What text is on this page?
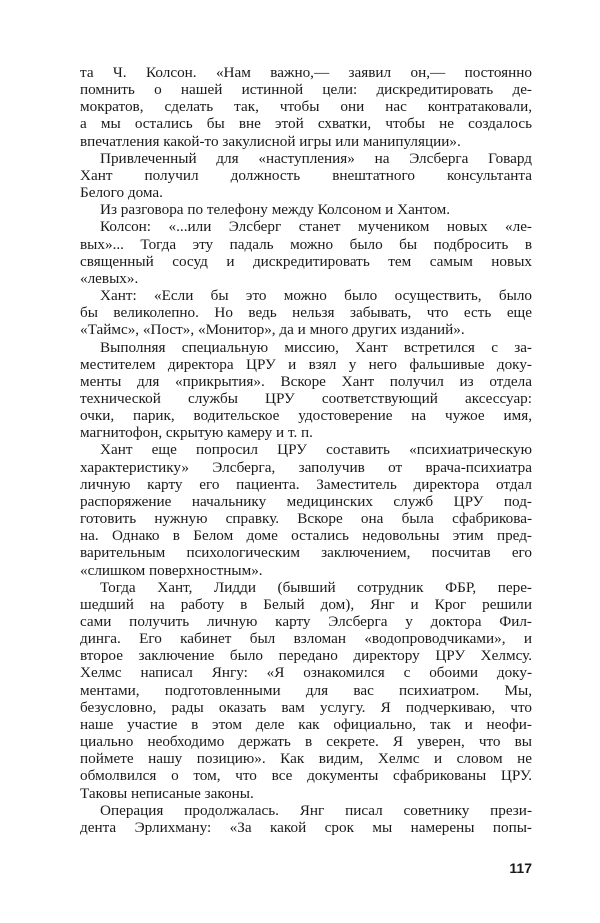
та Ч. Колсон. «Нам важно,— заявил он,— постоянно
помнить о нашей истинной цели: дискредитировать де-
мократов, сделать так, чтобы они нас контратаковали,
а мы остались бы вне этой схватки, чтобы не создалось
впечатления какой-то закулисной игры или манипуляции».
Привлеченный для «наступления» на Элсберга Говард
Хант получил должность внештатного консультанта
Белого дома.
Из разговора по телефону между Колсоном и Хантом.
Колсон: «...или Элсберг станет мучеником новых «ле-
вых»... Тогда эту падаль можно было бы подбросить в
священный сосуд и дискредитировать тем самым новых
«левых».
Хант: «Если бы это можно было осуществить, было
бы великолепно. Но ведь нельзя забывать, что есть еще
«Таймс», «Пост», «Монитор», да и много других изданий».
Выполняя специальную миссию, Хант встретился с за-
местителем директора ЦРУ и взял у него фальшивые доку-
менты для «прикрытия». Вскоре Хант получил из отдела
технической службы ЦРУ соответствующий аксессуар:
очки, парик, водительское удостоверение на чужое имя,
магнитофон, скрытую камеру и т. п.
Хант еще попросил ЦРУ составить «психиатрическую
характеристику» Элсберга, заполучив от врача-психиатра
личную карту его пациента. Заместитель директора отдал
распоряжение начальнику медицинских служб ЦРУ под-
готовить нужную справку. Вскоре она была сфабрикова-
на. Однако в Белом доме остались недовольны этим пред-
варительным психологическим заключением, посчитав его
«слишком поверхностным».
Тогда Хант, Лидди (бывший сотрудник ФБР, пере-
шедший на работу в Белый дом), Янг и Крог решили
сами получить личную карту Элсберга у доктора Фил-
динга. Его кабинет был взломан «водопроводчиками», и
второе заключение было передано директору ЦРУ Хелмсу.
Хелмс написал Янгу: «Я ознакомился с обоими доку-
ментами, подготовленными для вас психиатром. Мы,
безусловно, рады оказать вам услугу. Я подчеркиваю, что
наше участие в этом деле как официально, так и неофи-
циально необходимо держать в секрете. Я уверен, что вы
поймете нашу позицию». Как видим, Хелмс и словом не
обмолвился о том, что все документы сфабрикованы ЦРУ.
Таковы неписаные законы.
Операция продолжалась. Янг писал советнику прези-
дента Эрлихману: «За какой срок мы намерены попы-
117
